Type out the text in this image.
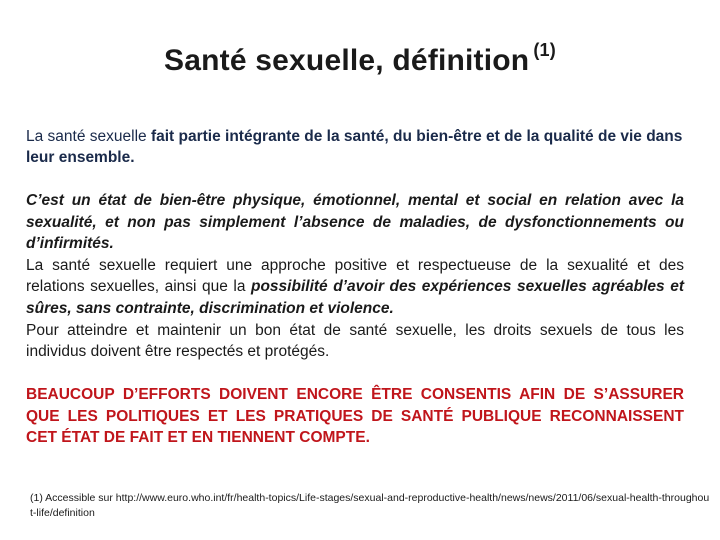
Santé sexuelle, définition $^{(1)}$
La santé sexuelle fait partie intégrante de la santé, du bien-être et de la qualité de vie dans leur ensemble.
C’est un état de bien-être physique, émotionnel, mental et social en relation avec la sexualité, et non pas simplement l’absence de maladies, de dysfonctionnements ou d’infirmités.
La santé sexuelle requiert une approche positive et respectueuse de la sexualité et des relations sexuelles, ainsi que la possibilité d’avoir des expériences sexuelles agréables et sûres, sans contrainte, discrimination et violence.
Pour atteindre et maintenir un bon état de santé sexuelle, les droits sexuels de tous les individus doivent être respectés et protégés.
BEAUCOUP D’EFFORTS DOIVENT ENCORE ÊTRE CONSENTIS AFIN DE S’ASSURER QUE LES POLITIQUES ET LES PRATIQUES DE SANTÉ PUBLIQUE RECONNAISSENT CET ÉTAT DE FAIT ET EN TIENNENT COMPTE.
(1) Accessible sur http://www.euro.who.int/fr/health-topics/Life-stages/sexual-and-reproductive-health/news/news/2011/06/sexual-health-throughout-life/definition
